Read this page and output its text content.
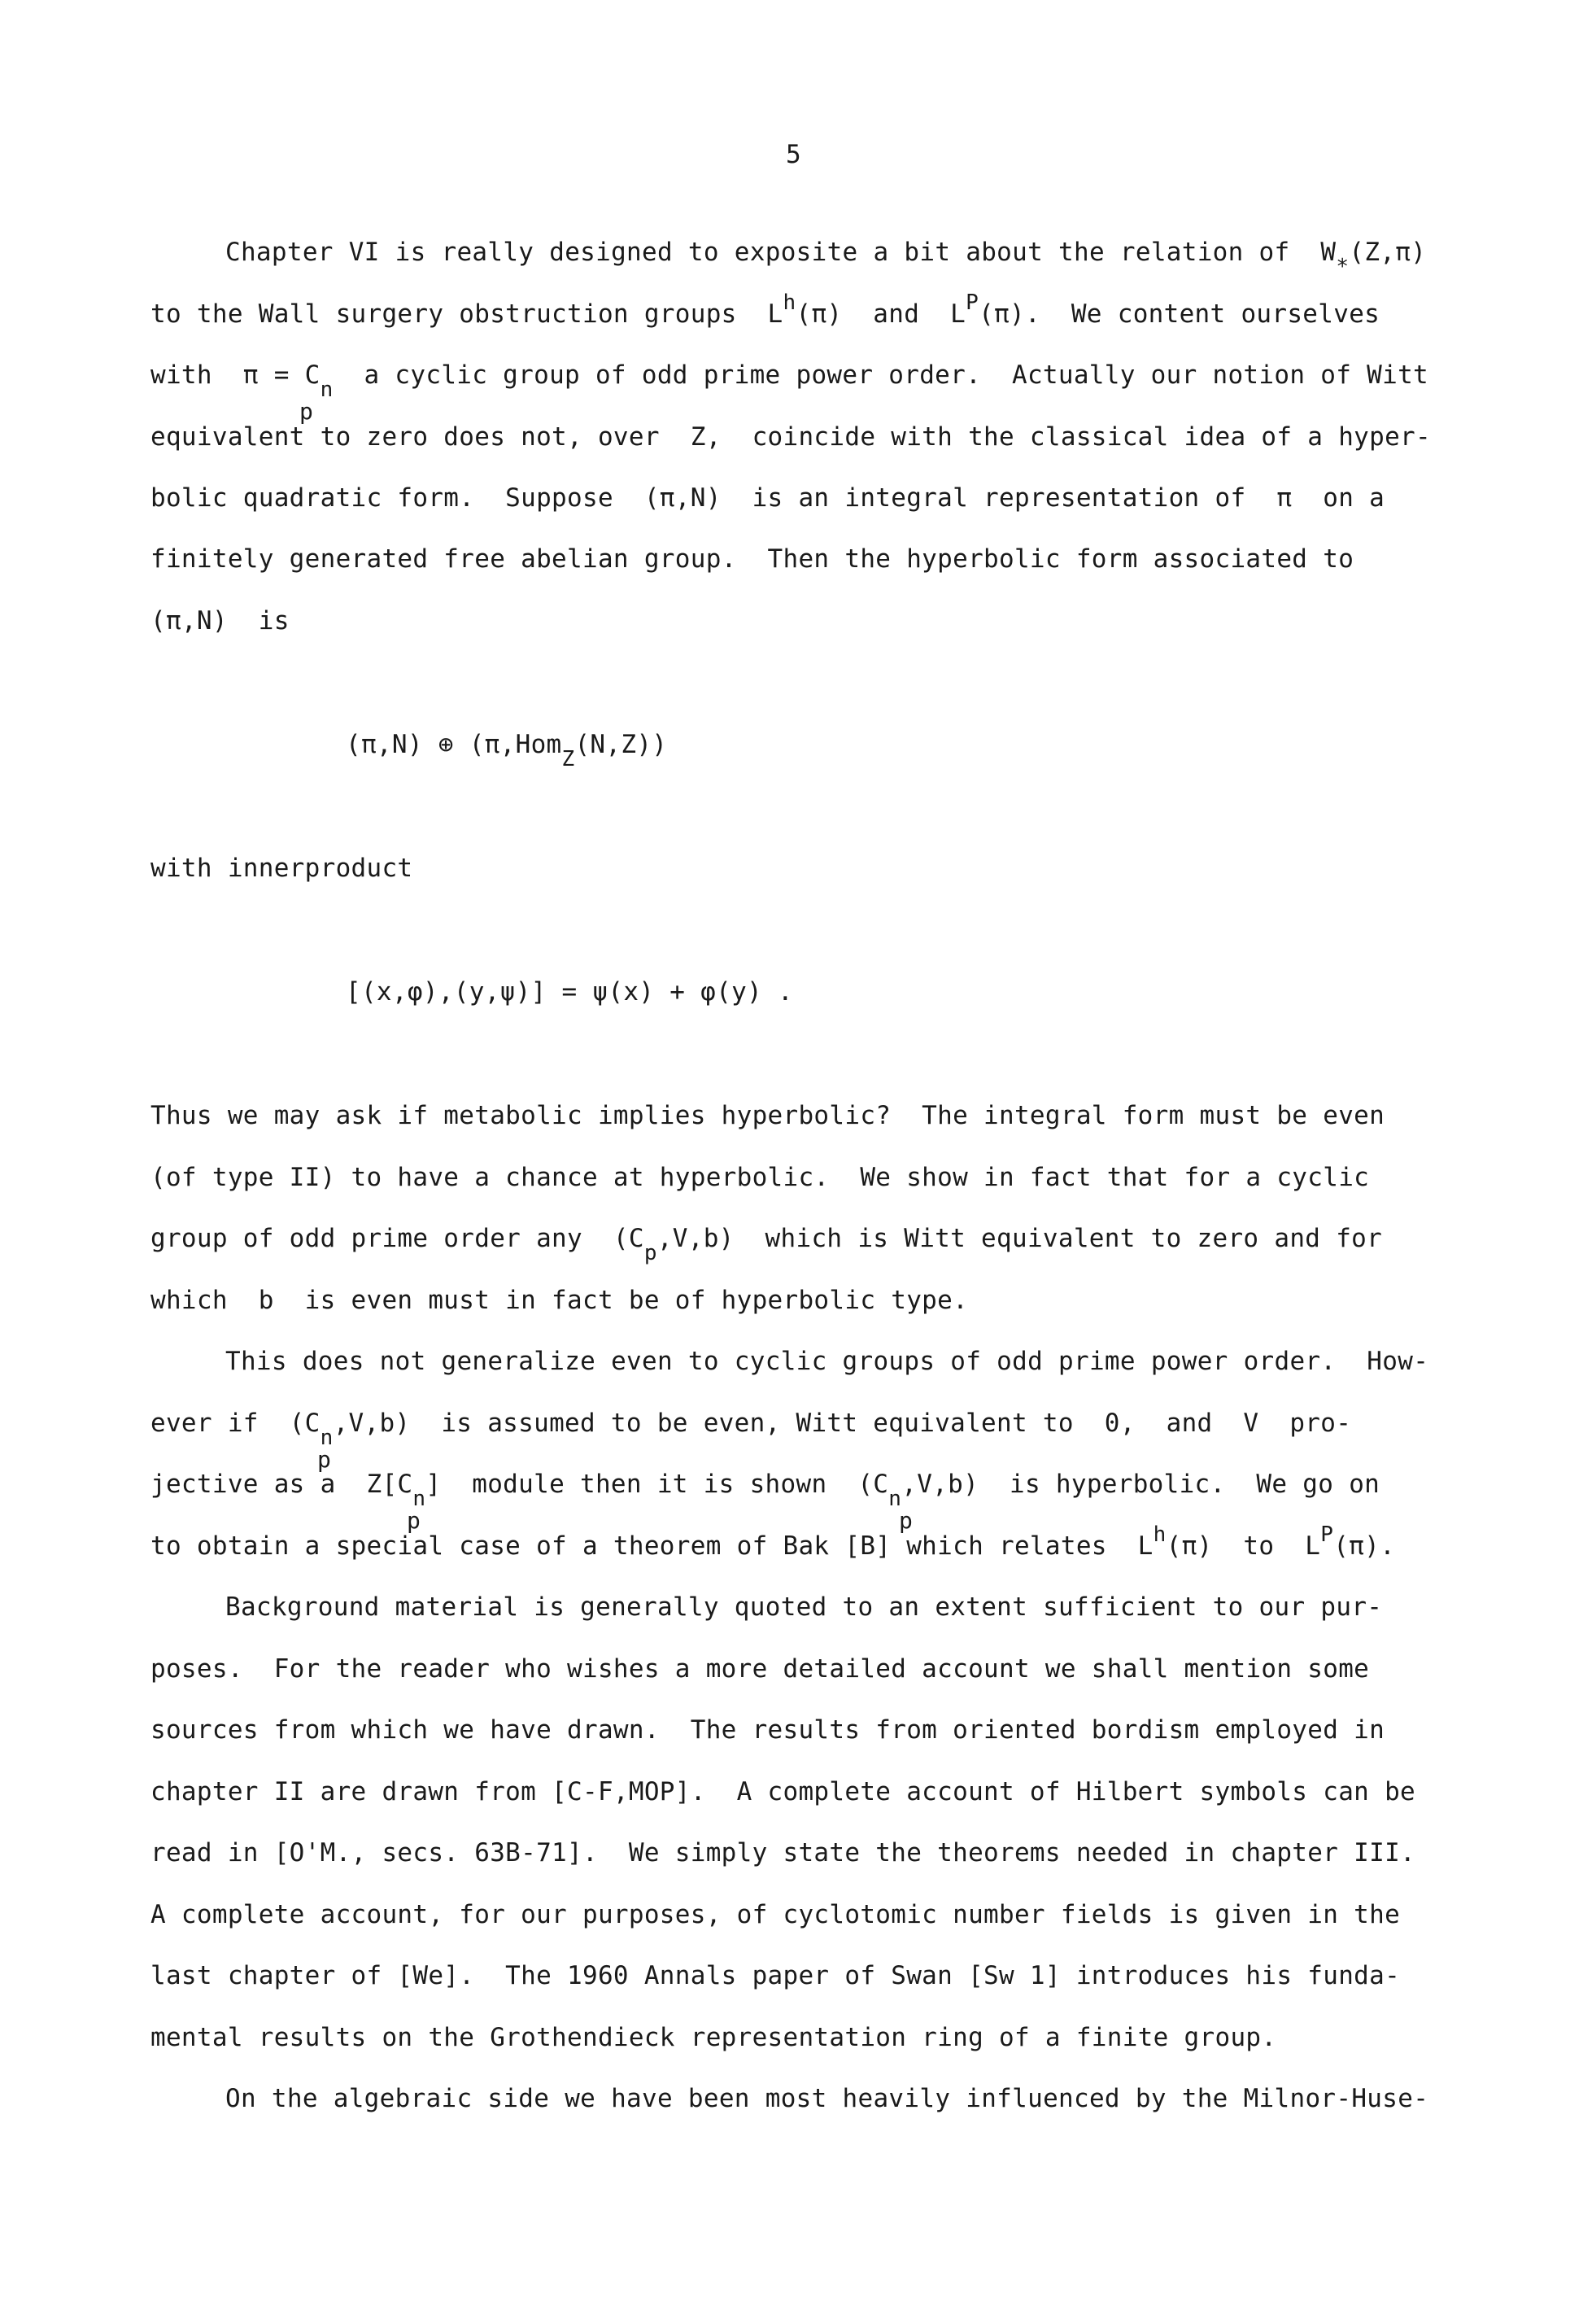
5
Chapter VI is really designed to exposite a bit about the relation of  $W_*(Z,\pi)$
to the Wall surgery obstruction groups  $L^h(\pi)$  and  $L^P(\pi)$.  We content ourselves
with  $\pi = C_n$  a cyclic group of odd prime power order.  Actually our notion of Witt
p
equivalent to zero does not, over  Z,  coincide with the classical idea of a hyper-
bolic quadratic form.  Suppose  (π,N)  is an integral representation of  π  on a
finitely generated free abelian group.  Then the hyperbolic form associated to
(π,N)  is
(π,N) ⊕ (π,Hom$_Z$(N,Z))
with innerproduct
[(x,φ),(y,ψ)] = ψ(x) + φ(y) .
Thus we may ask if metabolic implies hyperbolic?  The integral form must be even
(of type II) to have a chance at hyperbolic.  We show in fact that for a cyclic
group of odd prime order any  $(C_p,V,b)$  which is Witt equivalent to zero and for
which  b  is even must in fact be of hyperbolic type.
This does not generalize even to cyclic groups of odd prime power order.  How-
ever if  $(C_n,V,b)$  is assumed to be even, Witt equivalent to  0,  and  V  pro-
p
jective as a  $Z[C_n]$  module then it is shown  $(C_n,V,b)$  is hyperbolic.  We go on
p	p
to obtain a special case of a theorem of Bak [B] which relates  $L^h(\pi)$  to  $L^P(\pi)$.
Background material is generally quoted to an extent sufficient to our pur-
poses.  For the reader who wishes a more detailed account we shall mention some
sources from which we have drawn.  The results from oriented bordism employed in
chapter II are drawn from [C-F,MOP].  A complete account of Hilbert symbols can be
read in [O'M., secs. 63B-71].  We simply state the theorems needed in chapter III.
A complete account, for our purposes, of cyclotomic number fields is given in the
last chapter of [We].  The 1960 Annals paper of Swan [Sw 1] introduces his funda-
mental results on the Grothendieck representation ring of a finite group.
On the algebraic side we have been most heavily influenced by the Milnor-Huse-
